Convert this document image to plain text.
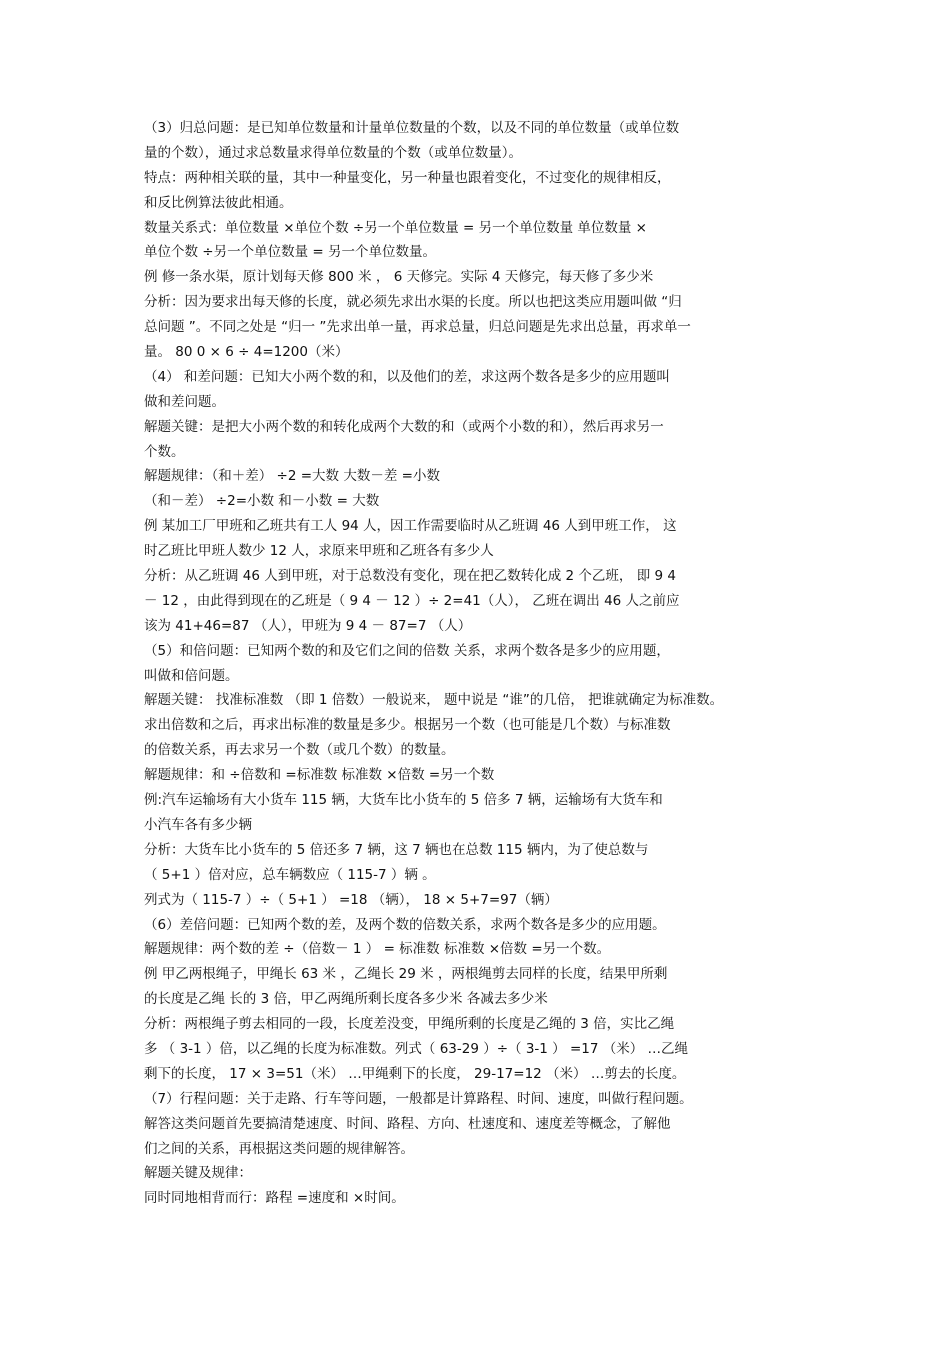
（3）归总问题：是已知单位数量和计量单位数量的个数，以及不同的单位数量（或单位数
量的个数），通过求总数量求得单位数量的个数（或单位数量）。
特点：两种相关联的量，其中一种量变化，另一种量也跟着变化，不过变化的规律相反，
和反比例算法彼此相通。
数量关系式：单位数量 ×单位个数 ÷另一个单位数量 = 另一个单位数量 单位数量 ×
单位个数 ÷另一个单位数量 = 另一个单位数量。
例 修一条水渠，原计划每天修 800 米 ， 6 天修完。实际 4 天修完，每天修了多少米
分析：因为要求出每天修的长度，就必须先求出水渠的长度。所以也把这类应用题叫做 “归
总问题 ”。不同之处是 “归一 ”先求出单一量，再求总量，归总问题是先求出总量，再求单一
量。 80 0 × 6 ÷ 4=1200（米）
（4） 和差问题：已知大小两个数的和，以及他们的差，求这两个数各是多少的应用题叫
做和差问题。
解题关键：是把大小两个数的和转化成两个大数的和（或两个小数的和），然后再求另一
个数。
解题规律：（和＋差） ÷2 =大数 大数－差 =小数
（和－差） ÷2=小数 和－小数 = 大数
例 某加工厂甲班和乙班共有工人 94 人，因工作需要临时从乙班调 46 人到甲班工作， 这
时乙班比甲班人数少 12 人，求原来甲班和乙班各有多少人
分析：从乙班调 46 人到甲班，对于总数没有变化，现在把乙数转化成 2 个乙班， 即 9 4
－ 12 ，由此得到现在的乙班是（ 9 4 － 12 ）÷ 2=41（人）， 乙班在调出 46 人之前应
该为 41+46=87 （人），甲班为 9 4 － 87=7 （人）
（5）和倍问题：已知两个数的和及它们之间的倍数 关系，求两个数各是多少的应用题，
叫做和倍问题。
解题关键： 找准标准数 （即 1 倍数）一般说来， 题中说是 “谁”的几倍， 把谁就确定为标准数。
求出倍数和之后，再求出标准的数量是多少。根据另一个数（也可能是几个数）与标准数
的倍数关系，再去求另一个数（或几个数）的数量。
解题规律：和 ÷倍数和 =标准数 标准数 ×倍数 =另一个数
例:汽车运输场有大小货车 115 辆，大货车比小货车的 5 倍多 7 辆，运输场有大货车和
小汽车各有多少辆
分析：大货车比小货车的 5 倍还多 7 辆，这 7 辆也在总数 115 辆内，为了使总数与
（ 5+1 ）倍对应，总车辆数应（ 115-7 ）辆 。
列式为（ 115-7 ）÷（ 5+1 ） =18 （辆）， 18 × 5+7=97（辆）
（6）差倍问题：已知两个数的差，及两个数的倍数关系，求两个数各是多少的应用题。
解题规律：两个数的差 ÷（倍数－ 1 ） = 标准数 标准数 ×倍数 =另一个数。
例 甲乙两根绳子，甲绳长 63 米 ，乙绳长 29 米 ，两根绳剪去同样的长度，结果甲所剩
的长度是乙绳 长的 3 倍，甲乙两绳所剩长度各多少米 各减去多少米
分析：两根绳子剪去相同的一段，长度差没变，甲绳所剩的长度是乙绳的 3 倍，实比乙绳
多 （ 3-1 ）倍，以乙绳的长度为标准数。列式（ 63-29 ）÷（ 3-1 ） =17 （米） …乙绳
剩下的长度， 17 × 3=51（米） …甲绳剩下的长度， 29-17=12 （米） …剪去的长度。
（7）行程问题：关于走路、行车等问题，一般都是计算路程、时间、速度，叫做行程问题。
解答这类问题首先要搞清楚速度、时间、路程、方向、杜速度和、速度差等概念，了解他
们之间的关系，再根据这类问题的规律解答。
解题关键及规律：
同时同地相背而行：路程 =速度和 ×时间。
